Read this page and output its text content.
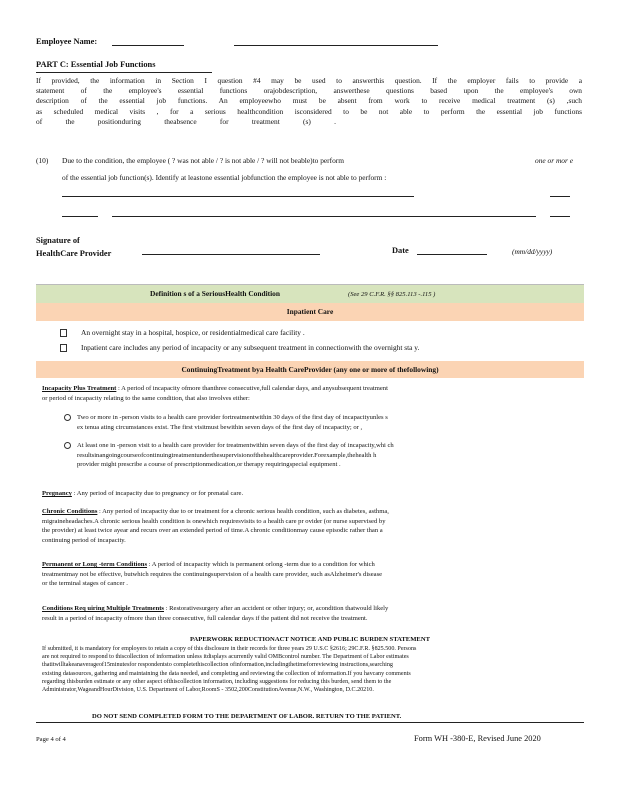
Employee Name:
PART C: Essential Job Functions
If provided, the information in Section I question #4 may be used to answerthis question. If the employer fails to provide a
statement of the employee's essential functions orajobdescription, answerthese questions based upon the employee's own
description of the essential job functions. An employeewho must be absent from work to receive medical treatment (s) ,such
as scheduled medical visits , for a serious healthcondition isconsidered to be not able to perform the essential job functions
of the positionduring theabsence for treatment (s) .
(10) Due to the condition, the employee ( ? was not able / ? is not able / ? will not beable)to perform	one or mor e
of the essential job function(s). Identify at leastone essential jobfunction the employee is not able to perform :
Signature of
HealthCare Provider	Date	(mm/dd/yyyy)
Definition s of a SeriousHealth Condition	(See 29 C.F.R. §§ 825.113 -.115 )
Inpatient Care
An overnight stay in a hospital, hospice, or residentialmedical care facility .
Inpatient care includes any period of incapacity or any subsequent treatment in connectionwith the overnight sta y.
ContinuingTreatment bya Health CareProvider (any one or more of thefollowing)
Incapacity Plus Treatment : A period of incapacity ofmore thanthree consecutive,full calendar days, and anysubsequent treatment
or period of incapacity relating to the same condition, that also involves either:
Two or more in -person visits to a health care provider fortreatmentwithin 30 days of the first day of incapacityunles s
ex tenua ating circumstances exist. The first visitmust bewithin seven days of the first day of incapacity; or ,
At least one in -person visit to a health care provider for treatmentwithin seven days of the first day of incapacity,whi ch
resultsinangoingcourseofcontinuingtreatmentunderthesupervisionofthehealthcareprovider.Forexample,thehealth h
provider might prescribe a course of prescriptionmedication,or therapy requiringspecial equipment .
Pregnancy : Any period of incapacity due to pregnancy or for prenatal care.
Chronic Conditions : Any period of incapacity due to or treatment for a chronic serious health condition, such as diabetes, asthma,
migraineheadaches.A chronic serious health condition is onewhich requiresvisits to a health care pr ovider (or nurse supervised by
the provider) at least twice ayear and recurs over an extended period of time.A chronic conditionmay cause episodic rather than a
continuing period of incapacity.
Permanent or Long -term Conditions : A period of incapacity which is permanent orlong -term due to a condition for which
treatmentmay not be effective, butwhich requires the continuingsupervision of a health care provider, such asAlzheimer's disease
or the terminal stages of cancer .
Conditions Req uiring Multiple Treatments : Restorativesurgery after an accident or other injury; or, acondition thatwould likely
result in a period of incapacity ofmore than three consecutive, full calendar days if the patient did not receive the treatment.
PAPERWORK REDUCTIONACT NOTICE AND PUBLIC BURDEN STATEMENT
If submitted, it is mandatory for employers to retain a copy of this disclosure in their records for three years 29 U.S.C §2616; 29C.F.R. §825.500. Persons
are not required to respond to thiscollection of information unless itdisplays acurrently valid OMBcontrol number. The Department of Labor estimates
thatitwilltakeanaverageof15minutesfor respondentsto completethiscollection ofinformation,includingthetimeforreviewing instructions,searching
existing datasources, gathering and maintaining the data needed, and completing and reviewing the collection of information.If you havcany comments
regarding thisburden estimate or any other aspect ofthiscollection information, including suggestions for reducing this burden, send them to the
Administrator,WageandHourDivision, U.S. Department of Labor,RoomS - 3502,200ConstitutionAvenue,N.W., Washington, D.C.20210.
DO NOT SEND COMPLETED FORM TO THE DEPARTMENT OF LABOR. RETURN TO THE PATIENT.
Page 4 of 4	Form WH -380-E, Revised June 2020
